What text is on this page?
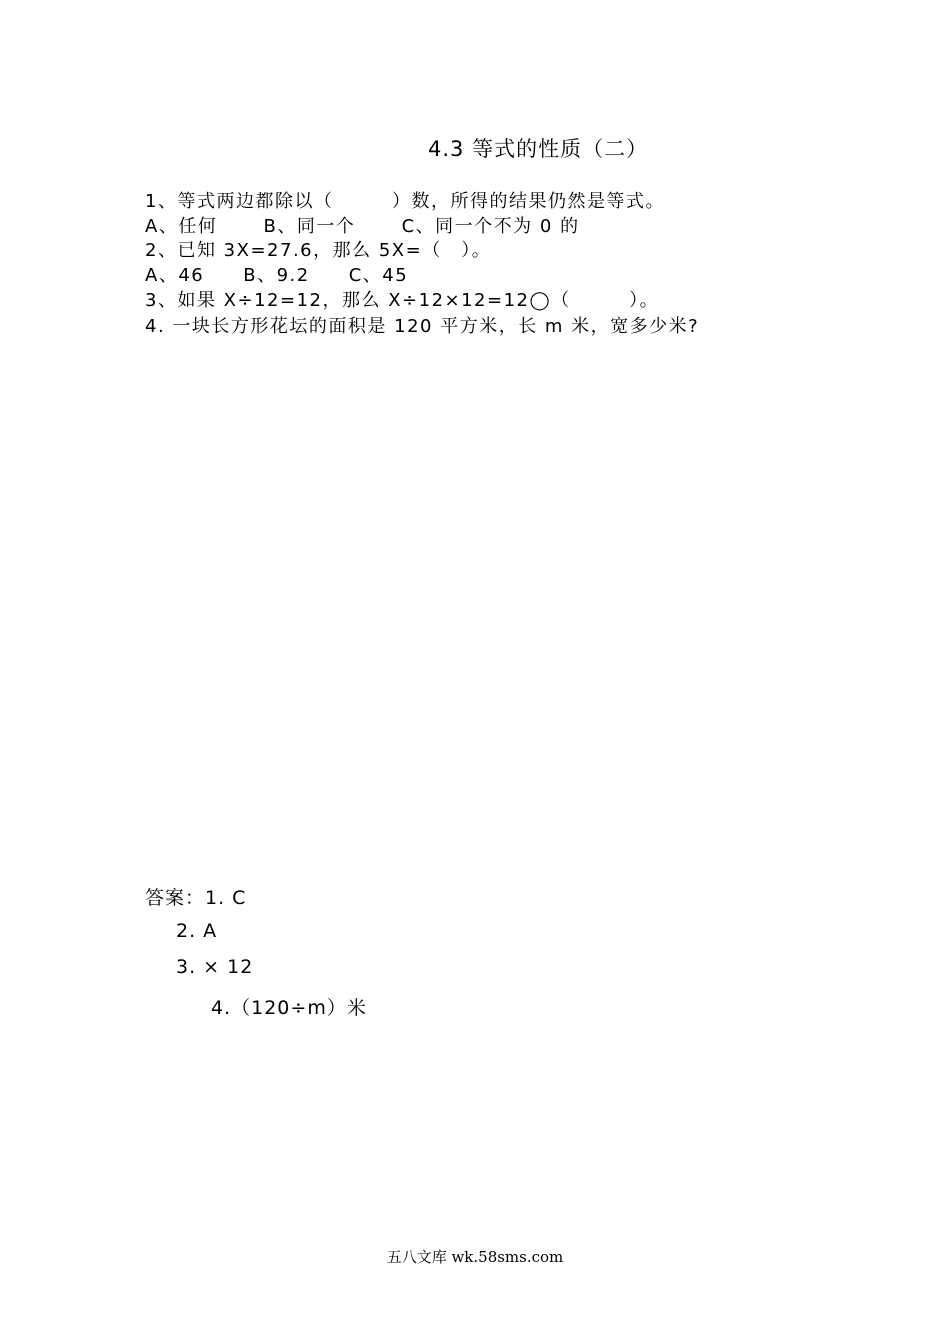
4.3 等式的性质（二）
1、等式两边都除以（　　　）数，所得的结果仍然是等式。
A、任何　　 B、同一个　　 C、同一个不为 0 的
2、已知 3X=27.6，那么 5X=（　）。
A、46　　B、9.2　　C、45
3、如果 X÷12=12，那么 X÷12×12=12◯（　　　）。
4. 一块长方形花坛的面积是 120 平方米，长 m 米，宽多少米?
答案：1. C
2. A
3. × 12
4.（120÷m）米
五八文库 wk.58sms.com
